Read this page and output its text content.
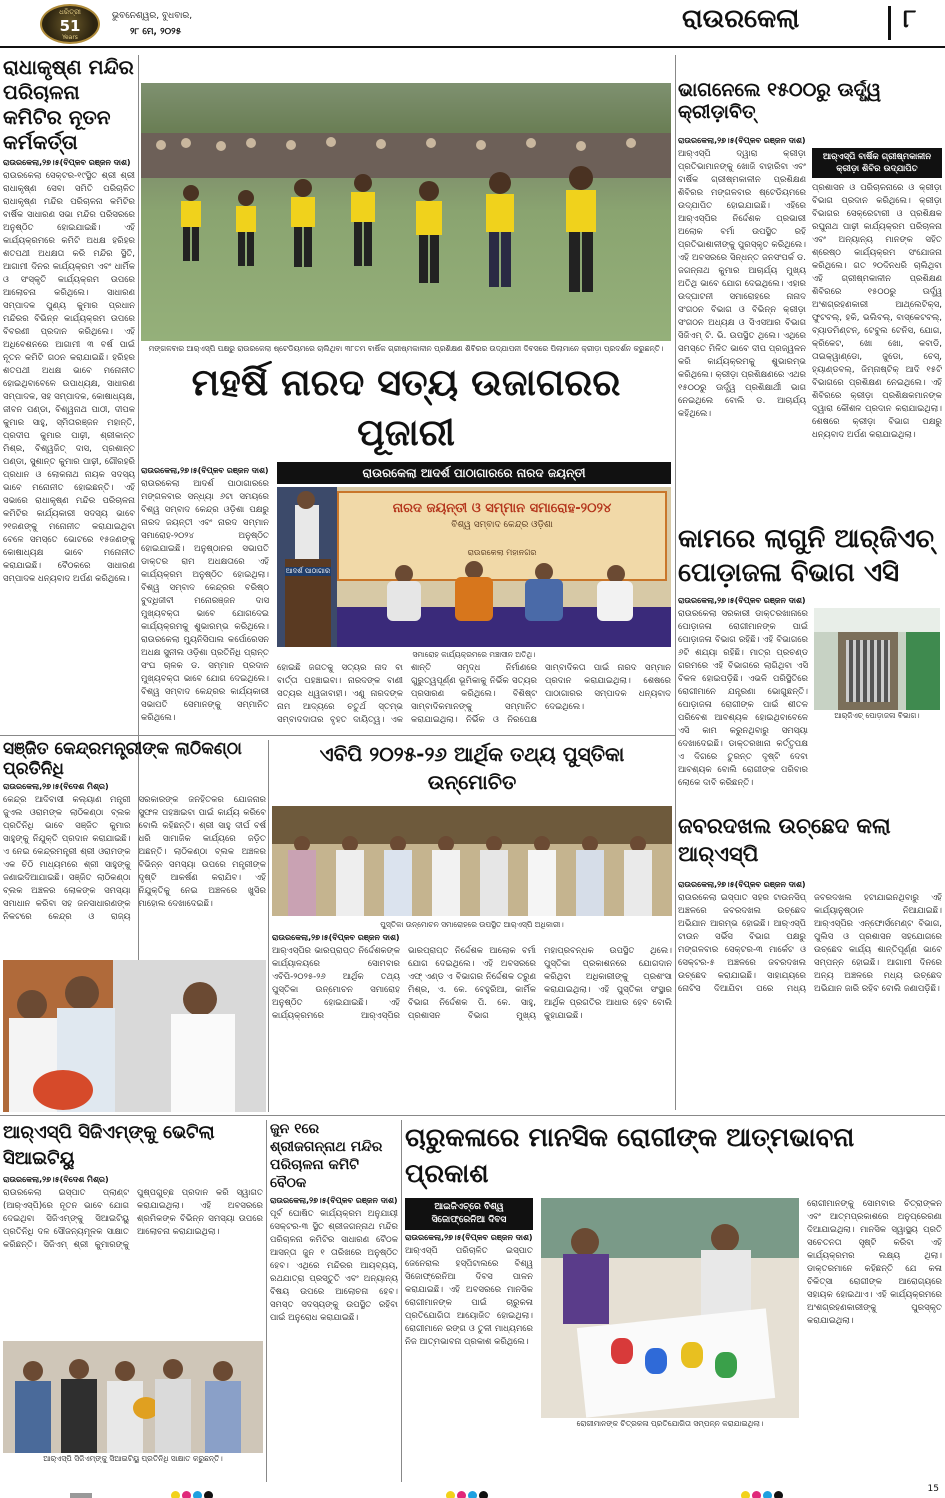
ଧରିତ୍ରୀ
51
Years
ଭୁବନେଶ୍ୱର, ବୁଧବାର,
୨୮ ମେ, ୨୦୨୫	ରାଉରକେଲା	୮
ରାଧାକୃଷ୍ଣ ମନ୍ଦିର ପରିଚାଳନା କମିଟିର ନୂତନ କର୍ମକର୍ତ୍ତା
ରାଉରକେଲା,୨୭।୫(ବିପ୍ଳବ ରଞ୍ଜନ ଦାଶ)
ରାଉରକେଲା ସେକ୍ଟର-୧୯ସ୍ଥିତ ଶ୍ରୀ ଶ୍ରୀ ରାଧାକୃଷ୍ଣ ସେବା ସମିତି ପରିଚାଳିତ ରାଧାକୃଷ୍ଣ ମନ୍ଦିର ପରିଚାଳନା କମିଟିର ବାର୍ଷିକ ସାଧାରଣ ସଭା ମନ୍ଦିର ପରିସରରେ ଅନୁଷ୍ଠିତ ହୋଇଯାଇଛି। ଏହି କାର୍ଯ୍ୟକ୍ରମରେ କମିଟି ଅଧକ୍ଷ ହରିହର ଶତପଥୀ ଅଧକ୍ଷତା କରି ମନ୍ଦିର ସ୍ଥିତି, ଆଗାମୀ ଦିନର କାର୍ଯ୍ୟକ୍ରମ ଏବଂ ଧାର୍ମିକ ଓ ସଂସ୍କୃତି କାର୍ଯ୍ୟକ୍ରମ ଉପରେ ଆଲୋଚନା କରିଥିଲେ। ସାଧାରଣ ସମ୍ପାଦକ ପୁଣ୍ୟ କୁମାର ପ୍ରଧାନ ମନ୍ଦିରର ବିଭିନ୍ନ କାର୍ଯ୍ୟକ୍ରମ ଉପରେ ବିବରଣୀ ପ୍ରଦାନ କରିଥିଲେ। ଏହି ଅଧିବେଶନରେ ଆଗାମୀ ୩ ବର୍ଷ ପାଇଁ ନୂତନ କମିଟି ଗଠନ କରାଯାଇଛି। ହରିହର ଶତପଥୀ ଅଧକ୍ଷ ଭାବେ ମନୋନୀତ ହୋଇଥିବାବେଳେ ଉପାଧ୍ୟକ୍ଷ, ସାଧାରଣ ସମ୍ପାଦକ, ସହ ସମ୍ପାଦକ, କୋଷାଧ୍ୟକ୍ଷ, ଜୀବନ ପଣ୍ଡା, ବିଶ୍ୱନାଥ ପାଠୀ, ଦୀପକ କୁମାର ସାହୁ, ସ୍ମିତାରଞ୍ଜନ ମହାନ୍ତି, ପ୍ରଦୀପ କୁମାର ପାଢ଼ୀ, ଶ୍ରୀକାନ୍ତ ମିଶ୍ର, ବିଶ୍ୱଜିତ୍ ଦାସ, ପ୍ରଶାନ୍ତ ପଣ୍ଡା, ସୁଶାନ୍ତ କୁମାର ପାଢ଼ୀ, ଗୌରହରି ପ୍ରଧାନ ଓ ଲୋକନାଥ ନାୟକ ସଦସ୍ୟ ଭାବେ ମନୋନୀତ ହୋଇଛନ୍ତି। ଏହି ସଭାରେ ରାଧାକୃଷ୍ଣ ମନ୍ଦିର ପରିଚାଳନା କମିଟିର କାର୍ଯ୍ୟକାରୀ ସଦସ୍ୟ ଭାବେ ୨୧ଜଣଙ୍କୁ ମନୋନୀତ କରାଯାଇଥିବା ବେଳେ ସମସ୍ତେ ଭୋଟରେ ୧୫ଜଣଙ୍କୁ କୋଷାଧ୍ୟକ୍ଷ ଭାବେ ମନୋନୀତ କରାଯାଇଛି। ବୈଠକରେ ସାଧାରଣ ସମ୍ପାଦକ ଧନ୍ୟବାଦ ଅର୍ପଣ କରିଥିଲେ।
ମଙ୍ଗଳବାର ଆର୍‌ଏସ୍‌ପି ପକ୍ଷରୁ ରାଉରକେଲା ଷ୍ଟେଡିୟମରେ ଚାଲିଥିବା ୩୮ତମ ବାର୍ଷିକ ଗ୍ରୀଷ୍ମକାଳୀନ ପ୍ରଶିକ୍ଷଣ ଶିବିରର ଉଦ୍‌ଯାପନୀ ଦିବସରେ ପିଲାମାନେ କ୍ରୀଡ଼ା ପ୍ରଦର୍ଶନ କରୁଛନ୍ତି।
ଭାଗନେଲେ ୧୫୦୦ରୁ ଊର୍ଦ୍ଧ୍ୱ କ୍ରୀଡ଼ାବିତ୍
ରାଉରକେଲା,୨୭।୫(ବିପ୍ଳବ ରଞ୍ଜନ ଦାଶ)
ଆର୍‌ଏସ୍‌ପି ଦ୍ୱାରା କ୍ରୀଡ଼ା ପ୍ରତିଭାମାନଙ୍କୁ ଖୋଜି ବାହାରିବା ଏବଂ ବାର୍ଷିକ ଗ୍ରୀଷ୍ମକାଳୀନ ପ୍ରଶିକ୍ଷଣ ଶିବିରର ମଙ୍ଗଳବାର ଷ୍ଟେଡିୟମରେ ଉଦ୍‌ଯାପିତ ହୋଇଯାଇଛି। ଏହିରେ ଆର୍‌ଏସ୍‌ପିର ନିର୍ଦ୍ଦେଶକ ପ୍ରଭାରୀ ଅଲୋକ ବର୍ମା ଉପସ୍ଥିତ ରହି ପ୍ରତିଭାଶାଳୀଙ୍କୁ ପୁରସ୍କୃତ କରିଥିଲେ। ଏହି ଅବସରରେ ସିନ୍ଧନ୍ତ ଜନସଂପର୍କ ଡ. ଜଗନ୍ନାଥ କୁମାର ଆଚାର୍ଯ୍ୟ ମୁଖ୍ୟ ଅତିଥି ଭାବେ ଯୋଗ ଦେଇଥିଲେ। ଏହାର ଉଦ୍‌ଘାଟନୀ ସମାରୋହରେ ନାନାଦ ସଂଗଠନ ବିଭାଗ ଓ ବିଭିନ୍ନ କ୍ରୀଡ଼ା ସଂଗଠନ ଅଧ୍ୟକ୍ଷ ଓ ସିଏସଆର ବିଭାଗ ସିଜିଏମ୍ ଟି. ଭି. ଉପସ୍ଥିତ ଥିଲେ। ଏଥିରେ ସମସ୍ତେ ମିଳିତ ଭାବେ ଦୀପ ପ୍ରଜ୍ୱଳନ କରି କାର୍ଯ୍ୟକ୍ରମକୁ ଶୁଭାରମ୍ଭ କରିଥିଲେ। କ୍ରୀଡ଼ା ପ୍ରଶିକ୍ଷଣରେ ଏଥର ୧୫୦୦ରୁ ଊର୍ଦ୍ଧ୍ୱ ପ୍ରଶିକ୍ଷାର୍ଥୀ ଭାଗ ନେଇଥିଲେ ବୋଲି ଡ. ଆଚାର୍ଯ୍ୟ କହିଥିଲେ।
ଆର୍‌ଏସ୍‌ପି ବାର୍ଷିକ ଗ୍ରୀଷ୍ମକାଳୀନ କ୍ରୀଡ଼ା ଶିବିର ଉଦ୍‌ଯାପିତ
ପ୍ରଶାସନ ଓ ପରିଚାଳନାରେ ଓ କ୍ରୀଡ଼ା ବିଭାଗ ପ୍ରଦାନ କରିଥିଲେ। କ୍ରୀଡ଼ା ବିଭାଗର ସେକ୍ରେଟାରୀ ଓ ପ୍ରଶିକ୍ଷକ ରଘୁନାଥ ପାଢ଼ୀ କାର୍ଯ୍ୟକ୍ରମ ପରିଚାଳନା ଏବଂ ଅନ୍ୟାନ୍ୟ ମାନଙ୍କ ସହିତ ଶ୍ରେଷ୍ଠ କାର୍ଯ୍ୟକ୍ରମ ସଂଯୋଜନା କରିଥିଲେ। ଗତ ୨୦ଦିନଧରି ଚାଲିଥିବା ଏହି ଗ୍ରୀଷ୍ମକାଳୀନ ପ୍ରଶିକ୍ଷଣ ଶିବିରରେ ୧୫୦୦ରୁ ଊର୍ଦ୍ଧ୍ୱ ଅଂଶଗ୍ରହଣକାରୀ ଆଥ୍‌ଲେଟିକ୍ସ, ଫୁଟବଲ୍, ହକି, ଭଲିବଲ୍, ବାସ୍କେଟବଲ୍, ବ୍ୟାଡମିଣ୍ଟନ୍, ଟେବୁଲ ଟେନିସ, ଯୋଗ, କ୍ରିକେଟ, ଖୋ ଖୋ, କବାଡି, ତାଇକ୍ୱାଣ୍ଡୋ, ଜୁଡୋ, ଚେସ୍, ହ୍ୟାଣ୍ଡବଲ୍, ଜିମ୍ନାଷ୍ଟିକ୍ ଆଦି ୧୫ଟି ବିଭାଗରେ ପ୍ରଶିକ୍ଷଣ ନେଇଥିଲେ। ଏହି ଶିବିରରେ କ୍ରୀଡ଼ା ପ୍ରଶିକ୍ଷକମାନଙ୍କ ଦ୍ୱାରା କୌଶଳ ପ୍ରଦାନ କରାଯାଇଥିଲା। ଶେଷରେ କ୍ରୀଡ଼ା ବିଭାଗ ପକ୍ଷରୁ ଧନ୍ୟବାଦ ଅର୍ପଣ କରାଯାଇଥିଲା।
ମହର୍ଷି ନାରଦ ସତ୍ୟ ଉଜାଗରର ପୂଜାରୀ
ରାଉରକେଲା,୨୭।୫(ବିପ୍ଳବ ରଞ୍ଜନ ଦାଶ)
ରାଉରକେଲା ଆଦର୍ଶ ପାଠାଗାରରେ ମଙ୍ଗଳବାର ସନ୍ଧ୍ୟା ୬ଟା ସମୟରେ ବିଶ୍ୱ ସମ୍ବାଦ କେନ୍ଦ୍ର ଓଡ଼ିଶା ପକ୍ଷରୁ ନାରଦ ଜୟନ୍ତୀ ଏବଂ ନାରଦ ସମ୍ମାନ ସମାରୋହ-୨୦୨୪ ଅନୁଷ୍ଠିତ ହୋଇଯାଇଛି। ଅନୁଷ୍ଠାନର ସଭାପତି ଡାକ୍ତର ରାମ ଅଧକ୍ଷତାରେ ଏହି କାର୍ଯ୍ୟକ୍ରମ ଅନୁଷ୍ଠିତ ହୋଇଥିଲା। ବିଶ୍ୱ ସମ୍ବାଦ କେନ୍ଦ୍ରର ବରିଷ୍ଠ ବୁଦ୍ଧିଜୀବୀ ମନୋରଞ୍ଜନ ଦାସ ମୁଖ୍ୟବକ୍ତା ଭାବେ ଯୋଗଦେଇ କାର୍ଯ୍ୟକ୍ରମକୁ ଶୁଭାରମ୍ଭ କରିଥିଲେ। ରାଉରକେଲା ମ୍ୟୁନିସିପାଲ କର୍ପୋରେସନ ଅଧକ୍ଷ ସୁନୀଲ ଓଡ଼ିଶା ପ୍ରତିନିଧି ପ୍ରାନ୍ତ ସଂଘ ଚାଳକ ଡ. ସମ୍ମାନ ପ୍ରଦାନ ମୁଖ୍ୟବକ୍ତା ଭାବେ ଯୋଗ ଦେଇଥିଲେ। ବିଶ୍ୱ ସମ୍ବାଦ କେନ୍ଦ୍ରର କାର୍ଯ୍ୟକାରୀ ସଭାପତି ସେମାନଙ୍କୁ ସମ୍ମାନିତ କରିଥିଲେ।
ରାଉରକେଲା ଆଦର୍ଶ ପାଠାଗାରରେ ନାରଦ ଜୟନ୍ତୀ
ନାରଦ ଜୟନ୍ତୀ ଓ ସମ୍ମାନ ସମାରୋହ-୨୦୨୪
ବିଶ୍ୱ ସମ୍ବାଦ କେନ୍ଦ୍ର ଓଡ଼ିଶା
ରାଉରକେଲା ମହାନଗର
ଆଦର୍ଶ ପାଠାଗାର
ସମାରୋହ କାର୍ଯ୍ୟକ୍ରମରେ ମଞ୍ଚାସୀନ ଅତିଥି।
ହୋଇଛି ଜଗତକୁ ସତ୍ୟର ନାଦ ବା ବାର୍ତ୍ତା ପହଞ୍ଚାଇବା। ନାରଦଙ୍କ ବାଣୀ ସତ୍ୟର ଧ୍ୱଜାବାହୀ। ଏଣୁ ନାରଦଙ୍କ ନାମ ଆଦ୍ୟରେ ଚତୁର୍ଥ ସ୍ତମ୍ଭ ସମ୍ବାଦଦାତାର ବୃହତ ଦାୟିତ୍ୱ। ଏକ ଶାନ୍ତି ସମୃଦ୍ଧ ନିର୍ମାଣରେ ଗୁରୁତ୍ୱପୂର୍ଣ୍ଣ ଭୂମିକାକୁ ନିର୍ଭିକ ସତ୍ୟର ପ୍ରସାରଣ କରିଥିଲେ। ବିଶିଷ୍ଟ ସାମ୍ବାଦିକମାନଙ୍କୁ ସମ୍ମାନିତ କରାଯାଇଥିଲା। ନିର୍ଭିକ ଓ ନିରପେକ୍ଷ ସାମ୍ବାଦିକତା ପାଇଁ ନାରଦ ସମ୍ମାନ ପ୍ରଦାନ କରାଯାଇଥିଲା। ଶେଷରେ ପାଠାଗାରର ସମ୍ପାଦକ ଧନ୍ୟବାଦ ଦେଇଥିଲେ।
କାମରେ ଲାଗୁନି ଆର୍‌ଜିଏଚ୍ ପୋଡ଼ାଜଳା ବିଭାଗ ଏସି
ରାଉରକେଲା,୨୭।୫(ବିପ୍ଳବ ରଞ୍ଜନ ଦାଶ)
ରାଉରକେଲା ସରକାରୀ ଡାକ୍ତରଖାନାରେ ପୋଡ଼ାଜଳା ରୋଗୀମାନଙ୍କ ପାଇଁ ପୋଡ଼ାଜଳା ବିଭାଗ ରହିଛି। ଏହି ବିଭାଗରେ ୬ଟି ଶଯ୍ୟା ରହିଛି। ମାତ୍ର ପ୍ରଚଣ୍ଡ ଗରମରେ ଏହି ବିଭାଗରେ ଲାଗିଥିବା ଏସି ବିକଳ ହୋଇପଡ଼ିଛି। ଏଭଳି ପରିସ୍ଥିତିରେ ରୋଗୀମାନେ ଯନ୍ତ୍ରଣା ଭୋଗୁଛନ୍ତି। ପୋଡ଼ାଜଳା ରୋଗୀଙ୍କ ପାଇଁ ଶୀତଳ ପରିବେଶ ଆବଶ୍ୟକ ହୋଇଥିବାବେଳେ ଏସି କାମ କରୁନଥିବାରୁ ସମସ୍ୟା ଦେଖାଦେଇଛି। ଡାକ୍ତରଖାନା କର୍ତ୍ତୃପକ୍ଷ ଏ ଦିଗରେ ତୁରନ୍ତ ଦୃଷ୍ଟି ଦେବା ଆବଶ୍ୟକ ବୋଲି ରୋଗୀଙ୍କ ପରିବାର ଲୋକେ ଦାବି କରିଛନ୍ତି।
ଆର୍‌ଜିଏଚ୍ ପୋଡ଼ାଜଳା ବିଭାଗ।
ସଞ୍ଜିତ କେନ୍ଦ୍ରମନ୍ତ୍ରୀଙ୍କ ଲାଠିକଣ୍ଠା ପ୍ରତିନିଧି
ରାଉରକେଲା,୨୭।୫(ବିଦେଶ ମିଶ୍ର)
କେନ୍ଦ୍ର ଆଦିବାସୀ କଲ୍ୟାଣ ମନ୍ତ୍ରୀ ଜୁଏଲ ଓରାମଙ୍କ ଲାଠିକଣ୍ଠା ବ୍ଲକ ପ୍ରତିନିଧି ଭାବେ ସଞ୍ଜିତ କୁମାର ସାହୁଙ୍କୁ ନିଯୁକ୍ତି ପ୍ରଦାନ କରାଯାଇଛି। ଏ ନେଇ କେନ୍ଦ୍ରମନ୍ତ୍ରୀ ଶ୍ରୀ ଓରାମଙ୍କ ଏକ ଚିଠି ମାଧ୍ୟମରେ ଶ୍ରୀ ସାହୁଙ୍କୁ ଜଣାଇଦିଆଯାଇଛି। ସଞ୍ଜିତ ଲାଠିକଣ୍ଠା ବ୍ଲକ ଅଞ୍ଚଳର ଲୋକଙ୍କ ସମସ୍ୟା ସମାଧାନ କରିବା ସହ ଜନସାଧାରଣଙ୍କ ନିକଟରେ କେନ୍ଦ୍ର ଓ ରାଜ୍ୟ ସରକାରଙ୍କ ଜନହିତକର ଯୋଜନାର ସୁଫଳ ପହଞ୍ଚାଇବା ପାଇଁ କାର୍ଯ୍ୟ କରିବେ ବୋଲି କହିଛନ୍ତି। ଶ୍ରୀ ସାହୁ ଦୀର୍ଘ ବର୍ଷ ଧରି ସାମାଜିକ କାର୍ଯ୍ୟରେ ଜଡ଼ିତ ଅଛନ୍ତି। ଲାଠିକଣ୍ଠା ବ୍ଲକ ଅଞ୍ଚଳର ବିଭିନ୍ନ ସମସ୍ୟା ଉପରେ ମନ୍ତ୍ରୀଙ୍କ ଦୃଷ୍ଟି ଆକର୍ଷଣ କରାଯିବ। ଏହି ନିଯୁକ୍ତିକୁ ନେଇ ଅଞ୍ଚଳରେ ଖୁସିର ମାହୋଲ ଦେଖାଦେଇଛି।
ଏବିପି ୨୦୨୫-୨୬ ଆର୍ଥିକ ତଥ୍ୟ ପୁସ୍ତିକା ଉନ୍ମୋଚିତ
ପୁସ୍ତିକା ଉନ୍ମୋଚନ ସମାରୋହରେ ଉପସ୍ଥିତ ଆର୍‌ଏସ୍‌ପି ଅଧିକାରୀ।
ରାଉରକେଲା,୨୭।୫(ବିପ୍ଳବ ରଞ୍ଜନ ଦାଶ)
ଆର୍‌ଏସ୍‌ପିର ଭାରପ୍ରାପ୍ତ ନିର୍ଦ୍ଦେଶକଙ୍କ କାର୍ଯ୍ୟାଳୟରେ ସୋମବାର ଏବିପି-୨୦୨୫-୨୬ ଆର୍ଥିକ ତଥ୍ୟ ପୁସ୍ତିକା ଉନ୍ମୋଚନ ସମାରୋହ ଅନୁଷ୍ଠିତ ହୋଇଯାଇଛି। ଏହି କାର୍ଯ୍ୟକ୍ରମରେ ଆର୍‌ଏସ୍‌ପିର ଭାରପ୍ରାପ୍ତ ନିର୍ଦ୍ଦେଶକ ଆଲୋକ ବର୍ମା ଯୋଗ ଦେଇଥିଲେ। ଏହି ଅବସରରେ ଏଫ୍ ଏଣ୍ଡ ଏ ବିଭାଗର ନିର୍ଦ୍ଦେଶକ ତରୁଣ ମିଶ୍ର, ଏ. କେ. ବେହୁରିଆ, କାର୍ମିକ ବିଭାଗ ନିର୍ଦ୍ଦେଶକ ପି. କେ. ସାହୁ, ପ୍ରଶାସନ ବିଭାଗ ମୁଖ୍ୟ ମହାପ୍ରବନ୍ଧକ ଉପସ୍ଥିତ ଥିଲେ। ପୁସ୍ତିକା ପ୍ରକାଶନରେ ଯୋଗଦାନ କରିଥିବା ଅଧିକାରୀଙ୍କୁ ପ୍ରଶଂସା କରାଯାଇଥିଲା। ଏହି ପୁସ୍ତିକା ସଂସ୍ଥାର ଆର୍ଥିକ ପ୍ରଗତିର ଆଧାର ହେବ ବୋଲି କୁହାଯାଇଛି।
ଜବରଦଖଲ ଉଚ୍ଛେଦ କଲା ଆର୍‌ଏସ୍‌ପି
ରାଉରକେଲା,୨୭।୫(ବିପ୍ଳବ ରଞ୍ଜନ ଦାଶ)
ରାଉରକେଲା ଇସ୍ପାତ ସହର ଟାଉନସିପ୍ ଅଞ୍ଚଳରେ ଜବରଦଖଲ ଉଚ୍ଛେଦ ଅଭିଯାନ ଆରମ୍ଭ ହୋଇଛି। ଆର୍‌ଏସ୍‌ପି ଟାଉନ ସର୍ଭିସ ବିଭାଗ ପକ୍ଷରୁ ମଙ୍ଗଳବାର ସେକ୍ଟର-୩ ମାର୍କେଟ ଓ ସେକ୍ଟର-୫ ଅଞ୍ଚଳରେ ଜବରଦଖଲ ଉଚ୍ଛେଦ କରାଯାଇଛି। ସାହାଯ୍ୟରେ ନୋଟିସ ଦିଆଯିବା ପରେ ମଧ୍ୟ ଜବରଦଖଲ ହଟାଯାଇନଥିବାରୁ ଏହି କାର୍ଯ୍ୟାନୁଷ୍ଠାନ ନିଆଯାଇଛି। ଆର୍‌ଏସ୍‌ପିର ଏନ୍‌ଫୋର୍ସମେଣ୍ଟ ବିଭାଗ, ପୁଲିସ ଓ ପ୍ରଶାସନ ସହଯୋଗରେ ଉଚ୍ଛେଦ କାର୍ଯ୍ୟ ଶାନ୍ତିପୂର୍ଣ୍ଣ ଭାବେ ସମ୍ପନ୍ନ ହୋଇଛି। ଆଗାମୀ ଦିନରେ ଅନ୍ୟ ଅଞ୍ଚଳରେ ମଧ୍ୟ ଉଚ୍ଛେଦ ଅଭିଯାନ ଜାରି ରହିବ ବୋଲି ଜଣାପଡ଼ିଛି।
ଆର୍‌ଏସ୍‌ପି ସିଜିଏମ୍‌ଙ୍କୁ ଭେଟିଲା ସିଆଇଟିୟୁ
ରାଉରକେଲା,୨୭।୫(ବିଦେଶ ମିଶ୍ର)
ରାଉରକେଲା ଇସ୍ପାତ ପ୍ଲାଣ୍ଟ (ଆର୍‌ଏସ୍‌ପି)ରେ ନୂତନ ଭାବେ ଯୋଗ ଦେଇଥିବା ସିଜିଏମ୍‌ଙ୍କୁ ସିଆଇଟିୟୁ ପ୍ରତିନିଧି ଦଳ ସୌଜନ୍ୟମୂଳକ ସାକ୍ଷାତ କରିଛନ୍ତି। ସିଜିଏମ୍ ଶ୍ରୀ କୁମାରଙ୍କୁ ପୁଷ୍ପଗୁଚ୍ଛ ପ୍ରଦାନ କରି ସ୍ୱାଗତ କରାଯାଇଥିଲା। ଏହି ଅବସରରେ ଶ୍ରମିକଙ୍କ ବିଭିନ୍ନ ସମସ୍ୟା ଉପରେ ଆଲୋଚନା କରାଯାଇଥିଲା।
ଆର୍‌ଏସ୍‌ପି ସିଜିଏମ୍‌ଙ୍କୁ ସିଆଇଟିୟୁ ପ୍ରତିନିଧି ସାକ୍ଷାତ କରୁଛନ୍ତି।
ଜୁନ ୧ରେ ଶ୍ରୀଜଗନ୍ନାଥ ମନ୍ଦିର ପରିଚାଳନା କମିଟି ବୈଠକ
ରାଉରକେଲା,୨୭।୫(ବିପ୍ଳବ ରଞ୍ଜନ ଦାଶ)
ପୂର୍ବ ଘୋଷିତ କାର୍ଯ୍ୟକ୍ରମ ଅନୁଯାୟୀ ସେକ୍ଟର-୩ ସ୍ଥିତ ଶ୍ରୀଜଗନ୍ନାଥ ମନ୍ଦିର ପରିଚାଳନା କମିଟିର ସାଧାରଣ ବୈଠକ ଆସନ୍ତା ଜୁନ ୧ ତାରିଖରେ ଅନୁଷ୍ଠିତ ହେବ। ଏଥିରେ ମନ୍ଦିରର ଆୟବ୍ୟୟ, ରଥଯାତ୍ରା ପ୍ରସ୍ତୁତି ଏବଂ ଅନ୍ୟାନ୍ୟ ବିଷୟ ଉପରେ ଆଲୋଚନା ହେବ। ସମସ୍ତ ସଦସ୍ୟଙ୍କୁ ଉପସ୍ଥିତ ରହିବା ପାଇଁ ଅନୁରୋଧ କରାଯାଇଛି।
ଚାରୁକଳାରେ ମାନସିକ ରୋଗୀଙ୍କ ଆତ୍ମଭାବନା ପ୍ରକାଶ
ଆଇଜିଏଚ୍‌ରେ ବିଶ୍ୱ ସିଜୋଫ୍ରେନିଆ ଦିବସ
ରାଉରକେଲା,୨୭।୫(ବିପ୍ଳବ ରଞ୍ଜନ ଦାଶ)
ଆର୍‌ଏସ୍‌ପି ପରିଚାଳିତ ଇସ୍ପାତ ଜେନେରାଲ ହସ୍ପିଟାଲରେ ବିଶ୍ୱ ସିଜୋଫ୍ରେନିଆ ଦିବସ ପାଳନ କରାଯାଇଛି। ଏହି ଅବସରରେ ମାନସିକ ରୋଗୀମାନଙ୍କ ପାଇଁ ଚାରୁକଳା ପ୍ରତିଯୋଗିତା ଆୟୋଜିତ ହୋଇଥିଲା। ରୋଗୀମାନେ ରଙ୍ଗ ଓ ତୁଳୀ ମାଧ୍ୟମରେ ନିଜ ଆତ୍ମଭାବନା ପ୍ରକାଶ କରିଥିଲେ।
ରୋଗୀମାନଙ୍କ ଚିତ୍ରକଳା ପ୍ରତିଯୋଗିତା ସମ୍ପନ୍ନ କରାଯାଇଥିଲା।
ରୋଗୀମାନଙ୍କୁ ସୋମବାର ଚିତ୍ରାଙ୍କନ ଏବଂ ଆତ୍ମପ୍ରକାଶରେ ଅନୁପ୍ରେରଣା ଦିଆଯାଇଥିଲା। ମାନସିକ ସ୍ୱାସ୍ଥ୍ୟ ପ୍ରତି ସଚେତନତା ସୃଷ୍ଟି କରିବା ଏହି କାର୍ଯ୍ୟକ୍ରମର ଲକ୍ଷ୍ୟ ଥିଲା। ଡାକ୍ତରମାନେ କହିଛନ୍ତି ଯେ କଳା ଚିକିତ୍ସା ରୋଗୀଙ୍କ ଆରୋଗ୍ୟରେ ସହାୟକ ହୋଇଥାଏ। ଏହି କାର୍ଯ୍ୟକ୍ରମରେ ଅଂଶଗ୍ରହଣକାରୀଙ୍କୁ ପୁରସ୍କୃତ କରାଯାଇଥିଲା।
15
